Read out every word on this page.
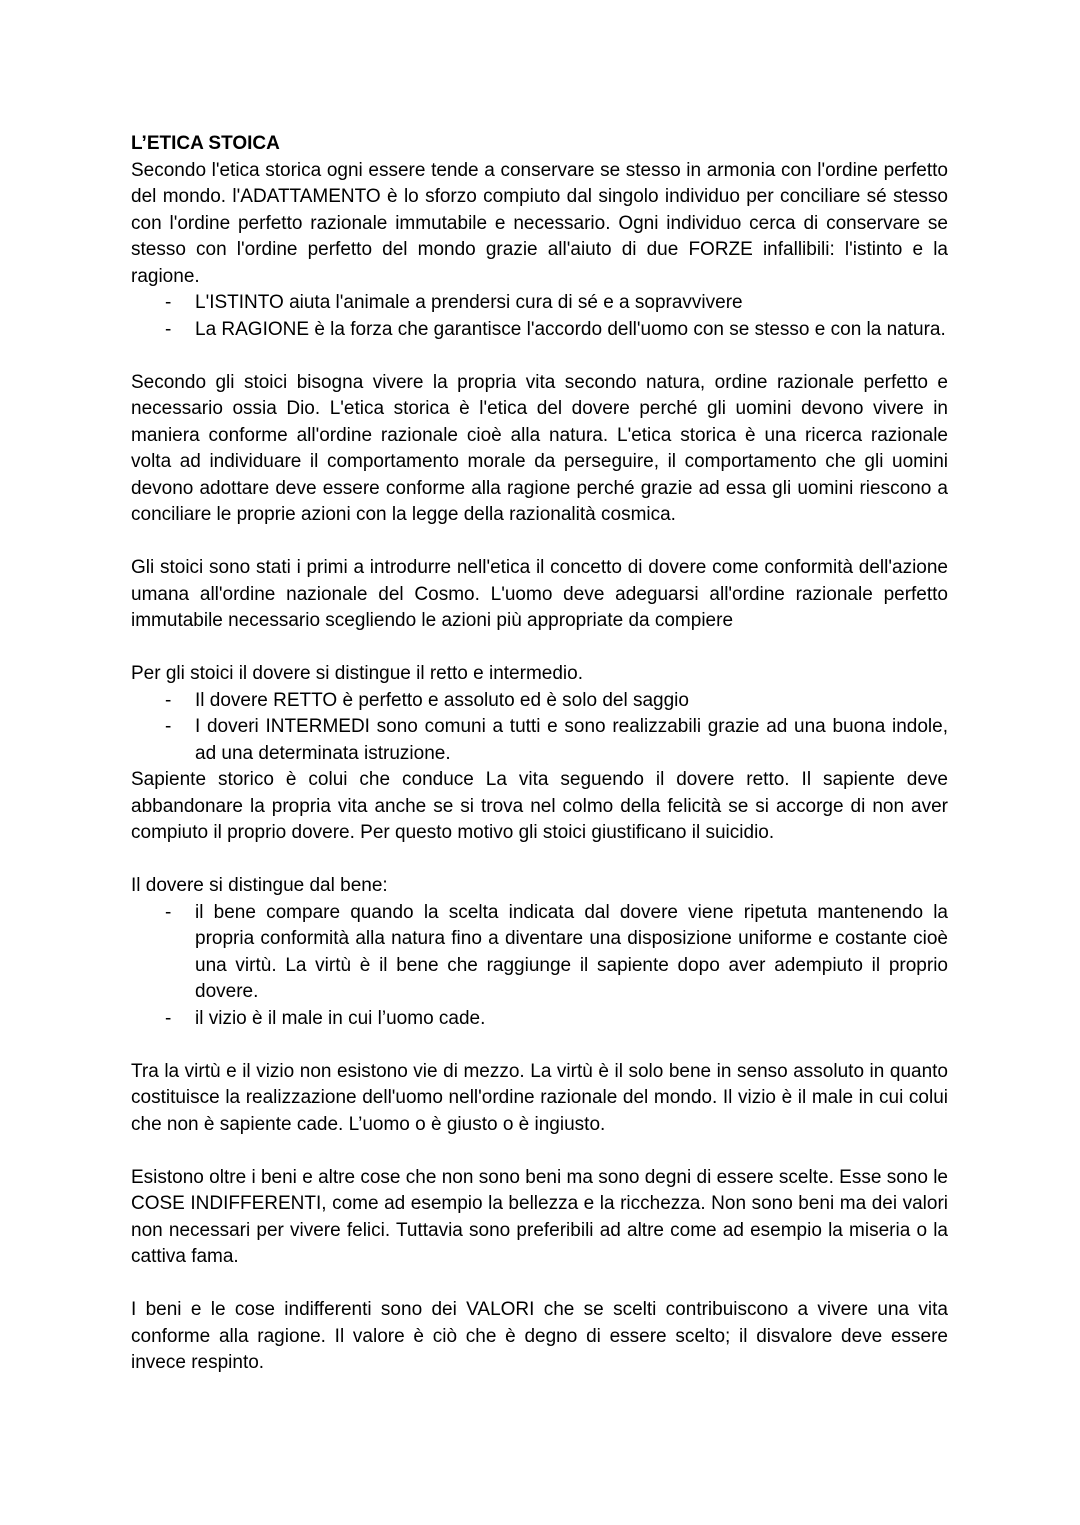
L’ETICA STOICA

Secondo l'etica storica ogni essere tende a conservare se stesso in armonia con l'ordine perfetto del mondo. l'ADATTAMENTO è lo sforzo compiuto dal singolo individuo per conciliare sé stesso con l'ordine perfetto razionale immutabile e necessario. Ogni individuo cerca di conservare se stesso con l'ordine perfetto del mondo grazie all'aiuto di due FORZE infallibili: l'istinto e la ragione.

- L'ISTINTO aiuta l'animale a prendersi cura di sé e a sopravvivere
- La RAGIONE è la forza che garantisce l'accordo dell'uomo con se stesso e con la natura.

Secondo gli stoici bisogna vivere la propria vita secondo natura, ordine razionale perfetto e necessario ossia Dio. L'etica storica è l'etica del dovere perché gli uomini devono vivere in maniera conforme all'ordine razionale cioè alla natura. L'etica storica è una ricerca razionale volta ad individuare il comportamento morale da perseguire, il comportamento che gli uomini devono adottare deve essere conforme alla ragione perché grazie ad essa gli uomini riescono a conciliare le proprie azioni con la legge della razionalità cosmica.

Gli stoici sono stati i primi a introdurre nell'etica il concetto di dovere come conformità dell'azione umana all'ordine nazionale del Cosmo. L'uomo deve adeguarsi all'ordine razionale perfetto immutabile necessario scegliendo le azioni più appropriate da compiere

Per gli stoici il dovere si distingue il retto e intermedio.

- Il dovere RETTO è perfetto e assoluto ed è solo del saggio
- I doveri INTERMEDI sono comuni a tutti e sono realizzabili grazie ad una buona indole, ad una determinata istruzione.

Sapiente storico è colui che conduce La vita seguendo il dovere retto. Il sapiente deve abbandonare la propria vita anche se si trova nel colmo della felicità se si accorge di non aver compiuto il proprio dovere. Per questo motivo gli stoici giustificano il suicidio.

Il dovere si distingue dal bene:

- il bene compare quando la scelta indicata dal dovere viene ripetuta mantenendo la propria conformità alla natura fino a diventare una disposizione uniforme e costante cioè una virtù. La virtù è il bene che raggiunge il sapiente dopo aver adempiuto il proprio dovere.
- il vizio è il male in cui l’uomo cade.

Tra la virtù e il vizio non esistono vie di mezzo. La virtù è il solo bene in senso assoluto in quanto costituisce la realizzazione dell'uomo nell'ordine razionale del mondo. Il vizio è il male in cui colui che non è sapiente cade. L’uomo o è giusto o è ingiusto.

Esistono oltre i beni e altre cose che non sono beni ma sono degni di essere scelte. Esse sono le COSE INDIFFERENTI, come ad esempio la bellezza e la ricchezza. Non sono beni ma dei valori non necessari per vivere felici. Tuttavia sono preferibili ad altre come ad esempio la miseria o la cattiva fama.

I beni e le cose indifferenti sono dei VALORI che se scelti contribuiscono a vivere una vita conforme alla ragione. Il valore è ciò che è degno di essere scelto; il disvalore deve essere invece respinto.
